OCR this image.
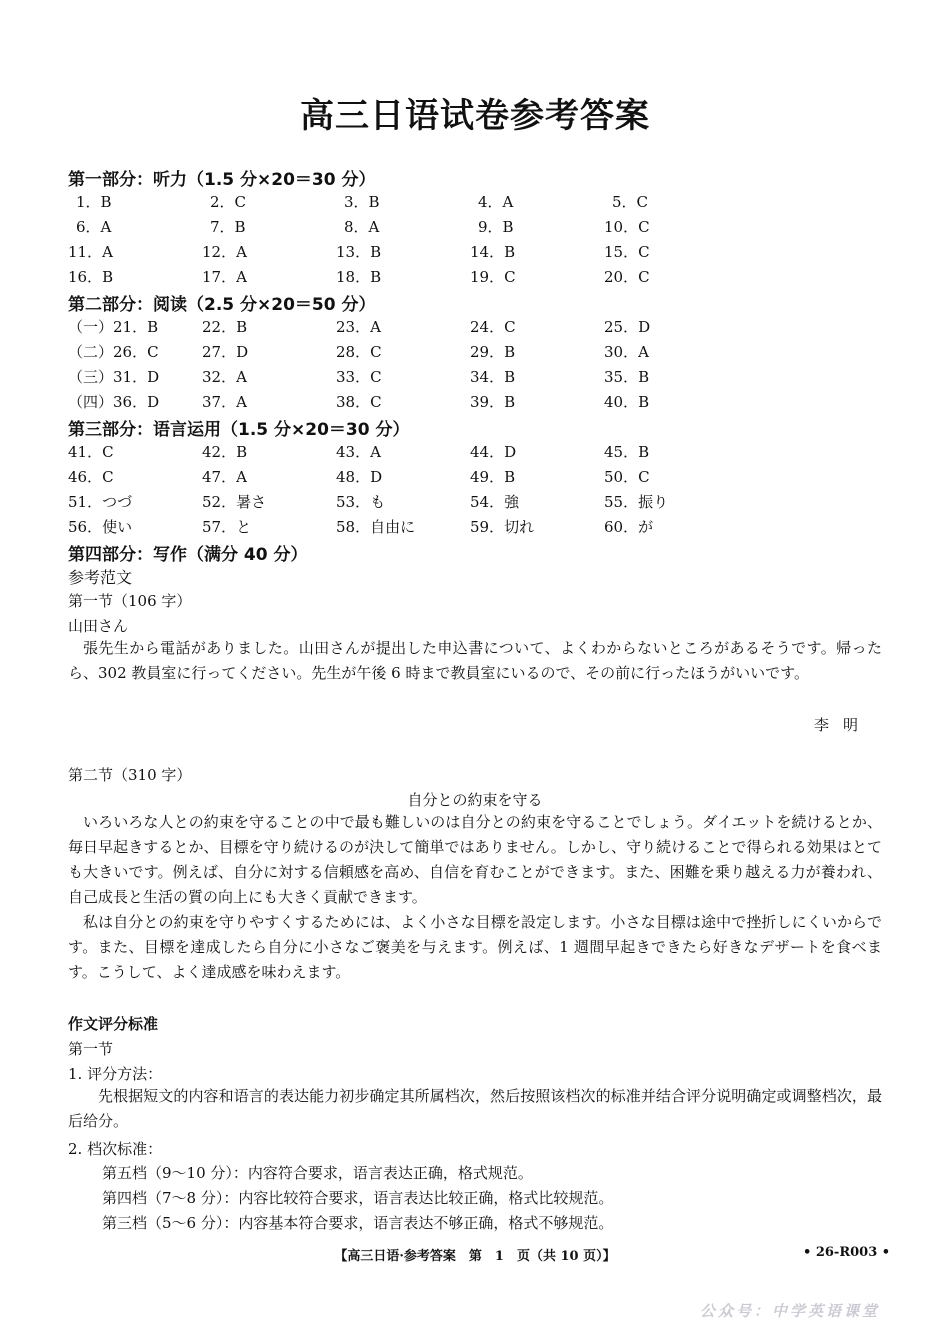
高三日语试卷参考答案
第一部分：听力（1.5 分×20＝30 分）
1．B	2．C	3．B	4．A	5．C
6．A	7．B	8．A	9．B	10．C
11．A	12．A	13．B	14．B	15．C
16．B	17．A	18．B	19．C	20．C
第二部分：阅读（2.5 分×20＝50 分）
（一）21．B	22．B	23．A	24．C	25．D
（二）26．C	27．D	28．C	29．B	30．A
（三）31．D	32．A	33．C	34．B	35．B
（四）36．D	37．A	38．C	39．B	40．B
第三部分：语言运用（1.5 分×20＝30 分）
41．C	42．B	43．A	44．D	45．B
46．C	47．A	48．D	49．B	50．C
51．つづ	52．暑さ	53．も	54．強	55．振り
56．使い	57．と	58．自由に	59．切れ	60．が
第四部分：写作（满分 40 分）
参考范文
第一节（106 字）
山田さん

張先生から電話がありました。山田さんが提出した申込書について、よくわからないところがあるそうです。帰ったら、302 教員室に行ってください。先生が午後 6 時まで教員室にいるので、その前に行ったほうがいいです。

李明
第二节（310 字）
自分との約束を守る

いろいろな人との約束を守ることの中で最も難しいのは自分との約束を守ることでしょう。ダイエットを続けるとか、毎日早起きするとか、目標を守り続けるのが決して簡単ではありません。しかし、守り続けることで得られる効果はとても大きいです。例えば、自分に対する信頼感を高め、自信を育むことができます。また、困難を乗り越える力が養われ、自己成長と生活の質の向上にも大きく貢献できます。

私は自分との約束を守りやすくするためには、よく小さな目標を設定します。小さな目標は途中で挫折しにくいからです。また、目標を達成したら自分に小さなご褒美を与えます。例えば、1 週間早起きできたら好きなデザートを食べます。こうして、よく達成感を味わえます。

作文评分标准
第一节
1. 评分方法：

先根据短文的内容和语言的表达能力初步确定其所属档次，然后按照该档次的标准并结合评分说明确定或调整档次，最后给分。

2. 档次标准：
第五档（9～10 分）：内容符合要求，语言表达正确，格式规范。
第四档（7～8 分）：内容比较符合要求，语言表达比较正确，格式比较规范。
第三档（5～6 分）：内容基本符合要求，语言表达不够正确，格式不够规范。
【高三日语·参考答案　第　1　页（共 10 页）】	• 26-R003 •
公众号：中学英语课堂
